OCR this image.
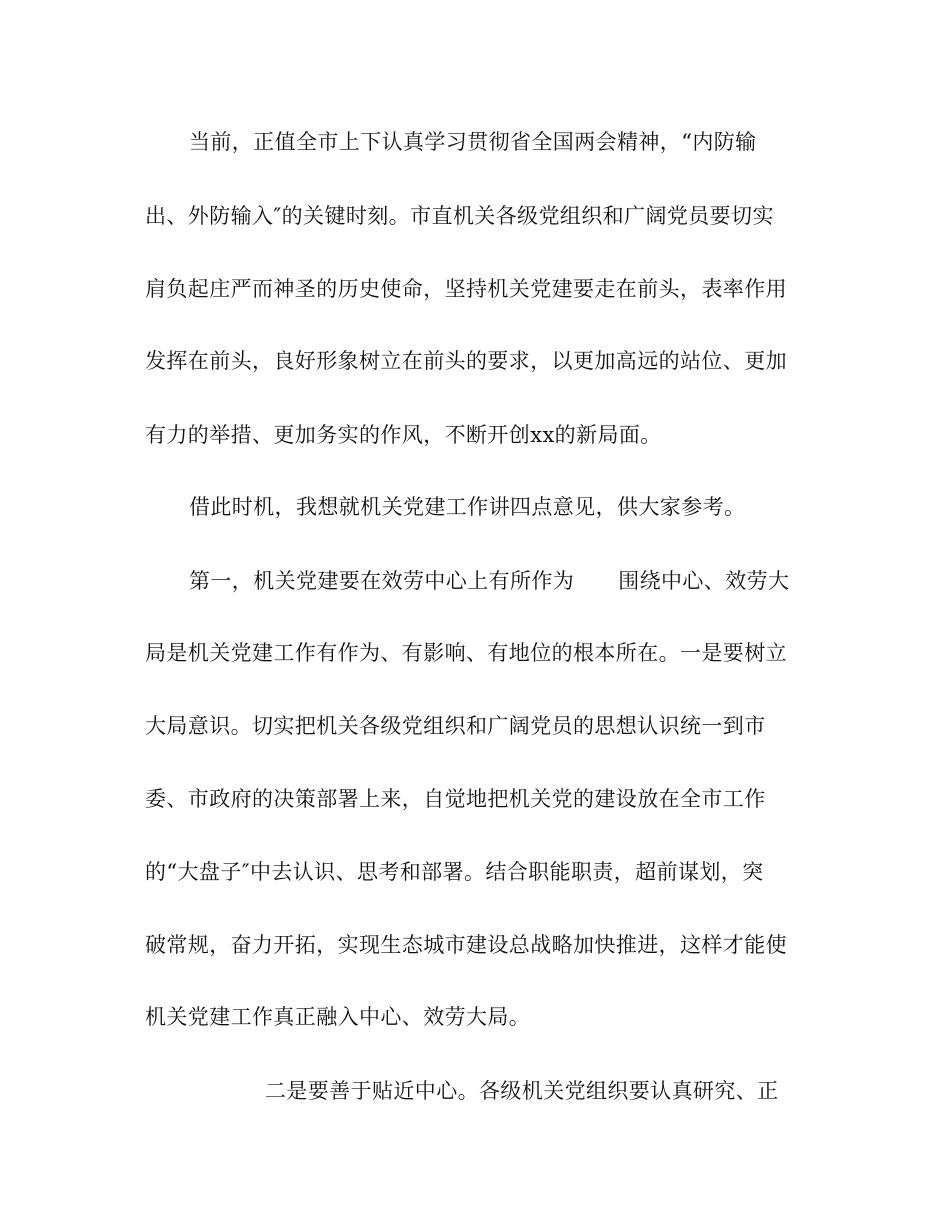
当前，正值全市上下认真学习贯彻省全国两会精神，“内防输
出、外防输入″的关键时刻。市直机关各级党组织和广阔党员要切实
肩负起庄严而神圣的历史使命，坚持机关党建要走在前头，表率作用
发挥在前头，良好形象树立在前头的要求，以更加高远的站位、更加
有力的举措、更加务实的作风，不断开创xx的新局面。
借此时机，我想就机关党建工作讲四点意见，供大家参考。
第一，机关党建要在效劳中心上有所作为 围绕中心、效劳大
局是机关党建工作有作为、有影响、有地位的根本所在。一是要树立
大局意识。切实把机关各级党组织和广阔党员的思想认识统一到市
委、市政府的决策部署上来，自觉地把机关党的建设放在全市工作
的“大盘子″中去认识、思考和部署。结合职能职责，超前谋划，突
破常规，奋力开拓，实现生态城市建设总战略加快推进，这样才能使
机关党建工作真正融入中心、效劳大局。
二是要善于贴近中心。各级机关党组织要认真研究、正
